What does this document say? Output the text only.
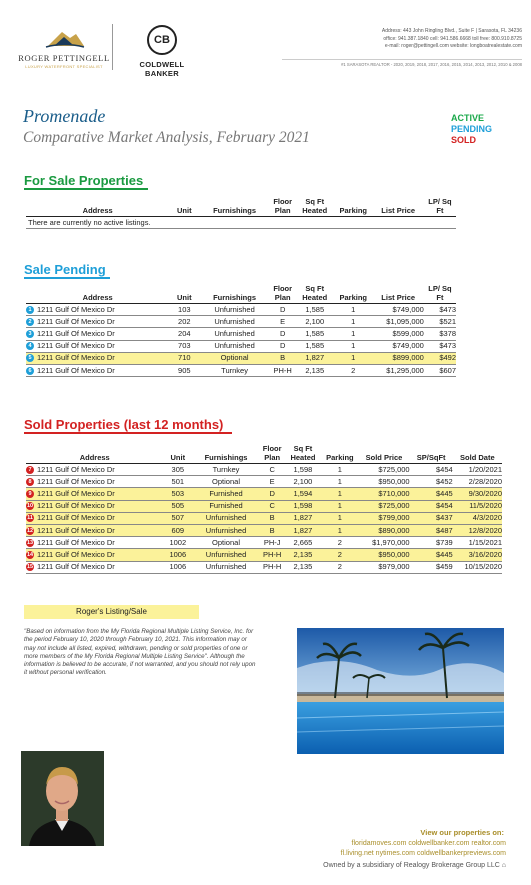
ROGER PETTINGELL
LUXURY WATERFRONT SPECIALIST
CB
COLDWELL BANKER
Address: 443 John Ringling Blvd., Suite F | Sarasota, FL 34236
office: 941.387.1840 cell: 941.586.6668 toll free: 800.910.8725
e-mail: roger@pettingell.com website: longboatrealestate.com
#1 SARASOTA REALTOR - 2020, 2019, 2018, 2017, 2016, 2015, 2014, 2013, 2012, 2010 & 2008
Promenade
Comparative Market Analysis, February 2021
ACTIVE
PENDING
SOLD
For Sale Properties
Address	Unit	Furnishings	Floor Plan	Sq Ft Heated	Parking	List Price	LP/ Sq Ft
There are currently no active listings.
Sale Pending
Address	Unit	Furnishings	Floor Plan	Sq Ft Heated	Parking	List Price	LP/ Sq Ft
1 1211 Gulf Of Mexico Dr	103	Unfurnished	D	1,585	1	$749,000	$473
2 1211 Gulf Of Mexico Dr	202	Unfurnished	E	2,100	1	$1,095,000	$521
3 1211 Gulf Of Mexico Dr	204	Unfurnished	D	1,585	1	$599,000	$378
4 1211 Gulf Of Mexico Dr	703	Unfurnished	D	1,585	1	$749,000	$473
5 1211 Gulf Of Mexico Dr	710	Optional	B	1,827	1	$899,000	$492
6 1211 Gulf Of Mexico Dr	905	Turnkey	PH-H	2,135	2	$1,295,000	$607
Sold Properties (last 12 months)
Address	Unit	Furnishings	Floor Plan	Sq Ft Heated	Parking	Sold Price	SP/SqFt	Sold Date
7 1211 Gulf Of Mexico Dr	305	Turnkey	C	1,598	1	$725,000	$454	1/20/2021
8 1211 Gulf Of Mexico Dr	501	Optional	E	2,100	1	$950,000	$452	2/28/2020
9 1211 Gulf Of Mexico Dr	503	Furnished	D	1,594	1	$710,000	$445	9/30/2020
10 1211 Gulf Of Mexico Dr	505	Furnished	C	1,598	1	$725,000	$454	11/5/2020
11 1211 Gulf Of Mexico Dr	507	Unfurnished	B	1,827	1	$799,000	$437	4/3/2020
12 1211 Gulf Of Mexico Dr	609	Unfurnished	B	1,827	1	$890,000	$487	12/8/2020
13 1211 Gulf Of Mexico Dr	1002	Optional	PH-J	2,665	2	$1,970,000	$739	1/15/2021
14 1211 Gulf Of Mexico Dr	1006	Unfurnished	PH-H	2,135	2	$950,000	$445	3/16/2020
15 1211 Gulf Of Mexico Dr	1006	Unfurnished	PH-H	2,135	2	$979,000	$459	10/15/2020
Roger's Listing/Sale
"Based on information from the My Florida Regional Multiple Listing Service, Inc. for the period February 10, 2020 through February 10, 2021. This information may or may not include all listed, expired, withdrawn, pending or sold properties of one or more members of the My Florida Regional Multiple Listing Service". Although the information is believed to be accurate, if not warranted, and you should not rely upon it without personal verification.
View our properties on:
floridamoves.com coldwellbanker.com realtor.com
fl.living.net nytimes.com coldwellbankerpreviews.com
Owned by a subsidiary of Realogy Brokerage Group LLC ⌂
